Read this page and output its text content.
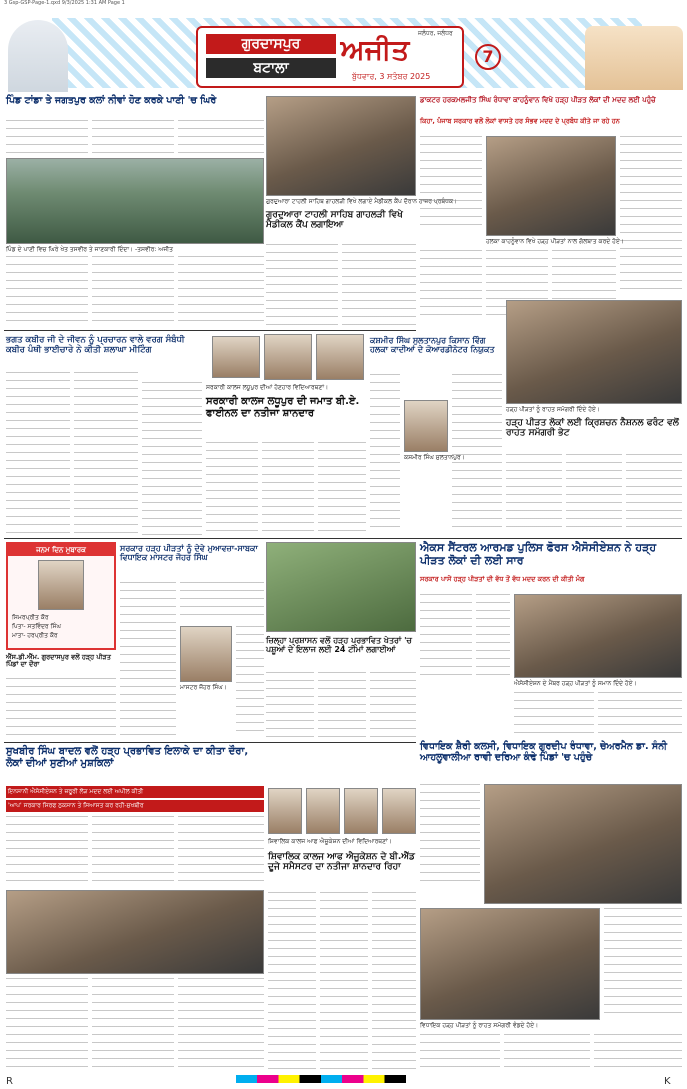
3 Gsp-GSP-Page-1.qxd 9/3/2025 1:31 AM Page 1
ਗੁਰਦਾਸਪੁਰ
ਬਟਾਲਾ
ਅਜੀਤ ਜਲੰਧਰ, ਜਲੰਧਰ
ਬੁੱਧਵਾਰ, 3 ਸਤੰਬਰ 2025
7
ਪਿੰਡ ਟਾਂਡਾ ਤੇ ਜਗਤਪੁਰ ਕਲਾਂ ਨੀਵਾਂ ਹੋਣ ਕਰਕੇ ਪਾਣੀ 'ਚ ਘਿਰੇ
ਪਿੰਡ ਦੇ ਪਾਣੀ ਵਿਚ ਘਿਰੇ ਖੇਤ ਤਸਵੀਰ ਤੇ ਜਾਣਕਾਰੀ ਦਿੰਦਾ। -ਤਸਵੀਰ: ਅਜੀਤ
ਗੁਰਦੁਆਰਾ ਟਾਹਲੀ ਸਾਹਿਬ ਗਾਹਲੜੀ ਵਿਖੇ ਲਗਾਏ ਮੈਡੀਕਲ ਕੈਂਪ ਦੌਰਾਨ ਹਾਜ਼ਰ ਪ੍ਰਬੰਧਕ।
ਗੁਰਦੁਆਰਾ ਟਾਹਲੀ ਸਾਹਿਬ ਗਾਹਲੜੀ ਵਿਖੇ ਮੈਡੀਕਲ ਕੈਂਪ ਲਗਾਇਆ
ਡਾਕਟਰ ਹਰਕਮਲਜੀਤ ਸਿੰਘ ਰੰਧਾਵਾ ਕਾਹਨੂੰਵਾਨ ਵਿਖੇ ਹੜ੍ਹ ਪੀੜਤ ਲੋਕਾਂ ਦੀ ਮਦਦ ਲਈ ਪਹੁੰਚੇ
ਕਿਹਾ, ਪੰਜਾਬ ਸਰਕਾਰ ਵਲੋਂ ਲੋਕਾਂ ਵਾਸਤੇ ਹਰ ਸੰਭਵ ਮਦਦ ਦੇ ਪ੍ਰਬੰਧ ਕੀਤੇ ਜਾ ਰਹੇ ਹਨ
ਹਲਕਾ ਕਾਹਨੂੰਵਾਨ ਵਿਖੇ ਹੜ੍ਹ ਪੀੜਤਾਂ ਨਾਲ ਗੱਲਬਾਤ ਕਰਦੇ ਹੋਏ।
ਭਗਤ ਕਬੀਰ ਜੀ ਦੇ ਜੀਵਨ ਨੂੰ ਪ੍ਰਚਾਰਨ ਵਾਲੇ ਵਰਗ ਸੰਬੰਧੀ ਕਬੀਰ ਪੰਥੀ ਭਾਈਚਾਰੇ ਨੇ ਕੀਤੀ ਸ਼ਲਾਘਾ ਮੀਟਿੰਗ
ਸਰਕਾਰੀ ਕਾਲਜ ਲਧੂਪੁਰ ਦੀਆਂ ਹੋਣਹਾਰ ਵਿਦਿਆਰਥਣਾਂ।
ਸਰਕਾਰੀ ਕਾਲਜ ਲਧੂਪੁਰ ਦੀ ਜਮਾਤ ਬੀ.ਏ. ਫਾਈਨਲ ਦਾ ਨਤੀਜਾ ਸ਼ਾਨਦਾਰ
ਕਸ਼ਮੀਰ ਸਿੰਘ ਸੁਲਤਾਨਪੁਰ ਕਿਸਾਨ ਵਿੰਗ ਹਲਕਾ ਕਾਦੀਆਂ ਦੇ ਕੋਆਰਡੀਨੇਟਰ ਨਿਯੁਕਤ
ਕਸ਼ਮੀਰ ਸਿੰਘ ਸੁਲਤਾਨਪੁਰ।
ਹੜ੍ਹ ਪੀੜਤਾਂ ਨੂੰ ਰਾਹਤ ਸਮੱਗਰੀ ਦਿੰਦੇ ਹੋਏ।
ਹੜ੍ਹ ਪੀੜਤ ਲੋਕਾਂ ਲਈ ਕ੍ਰਿਸ਼ਚਨ ਨੈਸ਼ਨਲ ਫਰੰਟ ਵਲੋਂ ਰਾਹਤ ਸਮੱਗਰੀ ਭੇਟ
ਜਨਮ ਦਿਨ ਮੁਬਾਰਕ
ਸਿਮਰਪ੍ਰੀਤ ਕੌਰ
ਪਿਤਾ- ਸਤਵਿੰਦਰ ਸਿੰਘ
ਮਾਤਾ- ਹਰਪ੍ਰੀਤ ਕੌਰ
ਐੱਸ.ਡੀ.ਐੱਮ. ਗੁਰਦਾਸਪੁਰ ਵਲੋਂ ਹੜ੍ਹ ਪੀੜਤ ਪਿੰਡਾਂ ਦਾ ਦੌਰਾ
ਸਰਕਾਰ ਹੜ੍ਹ ਪੀੜਤਾਂ ਨੂੰ ਦੇਵੇ ਮੁਆਵਜ਼ਾ-ਸਾਬਕਾ ਵਿਧਾਇਕ ਮਾਸਟਰ ਜੌਹਰ ਸਿੰਘ
ਮਾਸਟਰ ਜੌਹਰ ਸਿੰਘ।
ਜ਼ਿਲ੍ਹਾ ਪ੍ਰਸ਼ਾਸਨ ਵਲੋਂ ਹੜ੍ਹ ਪ੍ਰਭਾਵਿਤ ਖੇਤਰਾਂ 'ਚ ਪਸ਼ੂਆਂ ਦੇ ਇਲਾਜ ਲਈ 24 ਟੀਮਾਂ ਲਗਾਈਆਂ
ਐਕਸ ਸੈਂਟਰਲ ਆਰਮਡ ਪੁਲਿਸ ਫੋਰਸ ਐਸੋਸੀਏਸ਼ਨ ਨੇ ਹੜ੍ਹ ਪੀੜਤ ਲੋਕਾਂ ਦੀ ਲਈ ਸਾਰ
ਸਰਕਾਰ ਪਾਸੋਂ ਹੜ੍ਹ ਪੀੜਤਾਂ ਦੀ ਵੱਧ ਤੋਂ ਵੱਧ ਮਦਦ ਕਰਨ ਦੀ ਕੀਤੀ ਮੰਗ
ਐਸੋਸੀਏਸ਼ਨ ਦੇ ਮੈਂਬਰ ਹੜ੍ਹ ਪੀੜਤਾਂ ਨੂੰ ਸਮਾਨ ਦਿੰਦੇ ਹੋਏ।
ਸੁਖਬੀਰ ਸਿੰਘ ਬਾਦਲ ਵਲੋਂ ਹੜ੍ਹ ਪ੍ਰਭਾਵਿਤ ਇਲਾਕੇ ਦਾ ਕੀਤਾ ਦੌਰਾ, ਲੋਕਾਂ ਦੀਆਂ ਸੁਣੀਆਂ ਮੁਸ਼ਕਿਲਾਂ
ਇਨਸਾਨੀ ਐਸੋਸੀਏਸ਼ਨ ਤੇ ਜ਼ਰੂਰੀ ਲੋੜ ਮਦਦ ਲਈ ਅਪੀਲ ਕੀਤੀ
'ਆਪ' ਸਰਕਾਰ ਸਿਰਫ ਨੁਕਸਾਨ ਤੇ ਸਿਆਸਤ ਕਰ ਰਹੀ-ਸੁਖਬੀਰ
ਸ਼ਿਵਾਲਿਕ ਕਾਲਜ ਆਫ ਐਜੂਕੇਸ਼ਨ ਦੀਆਂ ਵਿਦਿਆਰਥਣਾਂ।
ਸ਼ਿਵਾਲਿਕ ਕਾਲਜ ਆਫ ਐਜੂਕੇਸ਼ਨ ਦੇ ਬੀ.ਐੱਡ ਦੂਜੇ ਸਮੈਸਟਰ ਦਾ ਨਤੀਜਾ ਸ਼ਾਨਦਾਰ ਰਿਹਾ
ਵਿਧਾਇਕ ਸ਼ੈਰੀ ਕਲਸੀ, ਵਿਧਾਇਕ ਗੁਰਦੀਪ ਰੰਧਾਵਾ, ਚੇਅਰਮੈਨ ਡਾ. ਸੰਨੀ ਆਹਲੂਵਾਲੀਆ ਰਾਵੀ ਦਰਿਆ ਕੰਢੇ ਪਿੰਡਾਂ 'ਚ ਪਹੁੰਚੇ
ਵਿਧਾਇਕ ਹੜ੍ਹ ਪੀੜਤਾਂ ਨੂੰ ਰਾਹਤ ਸਮੱਗਰੀ ਵੰਡਦੇ ਹੋਏ।
R	K
